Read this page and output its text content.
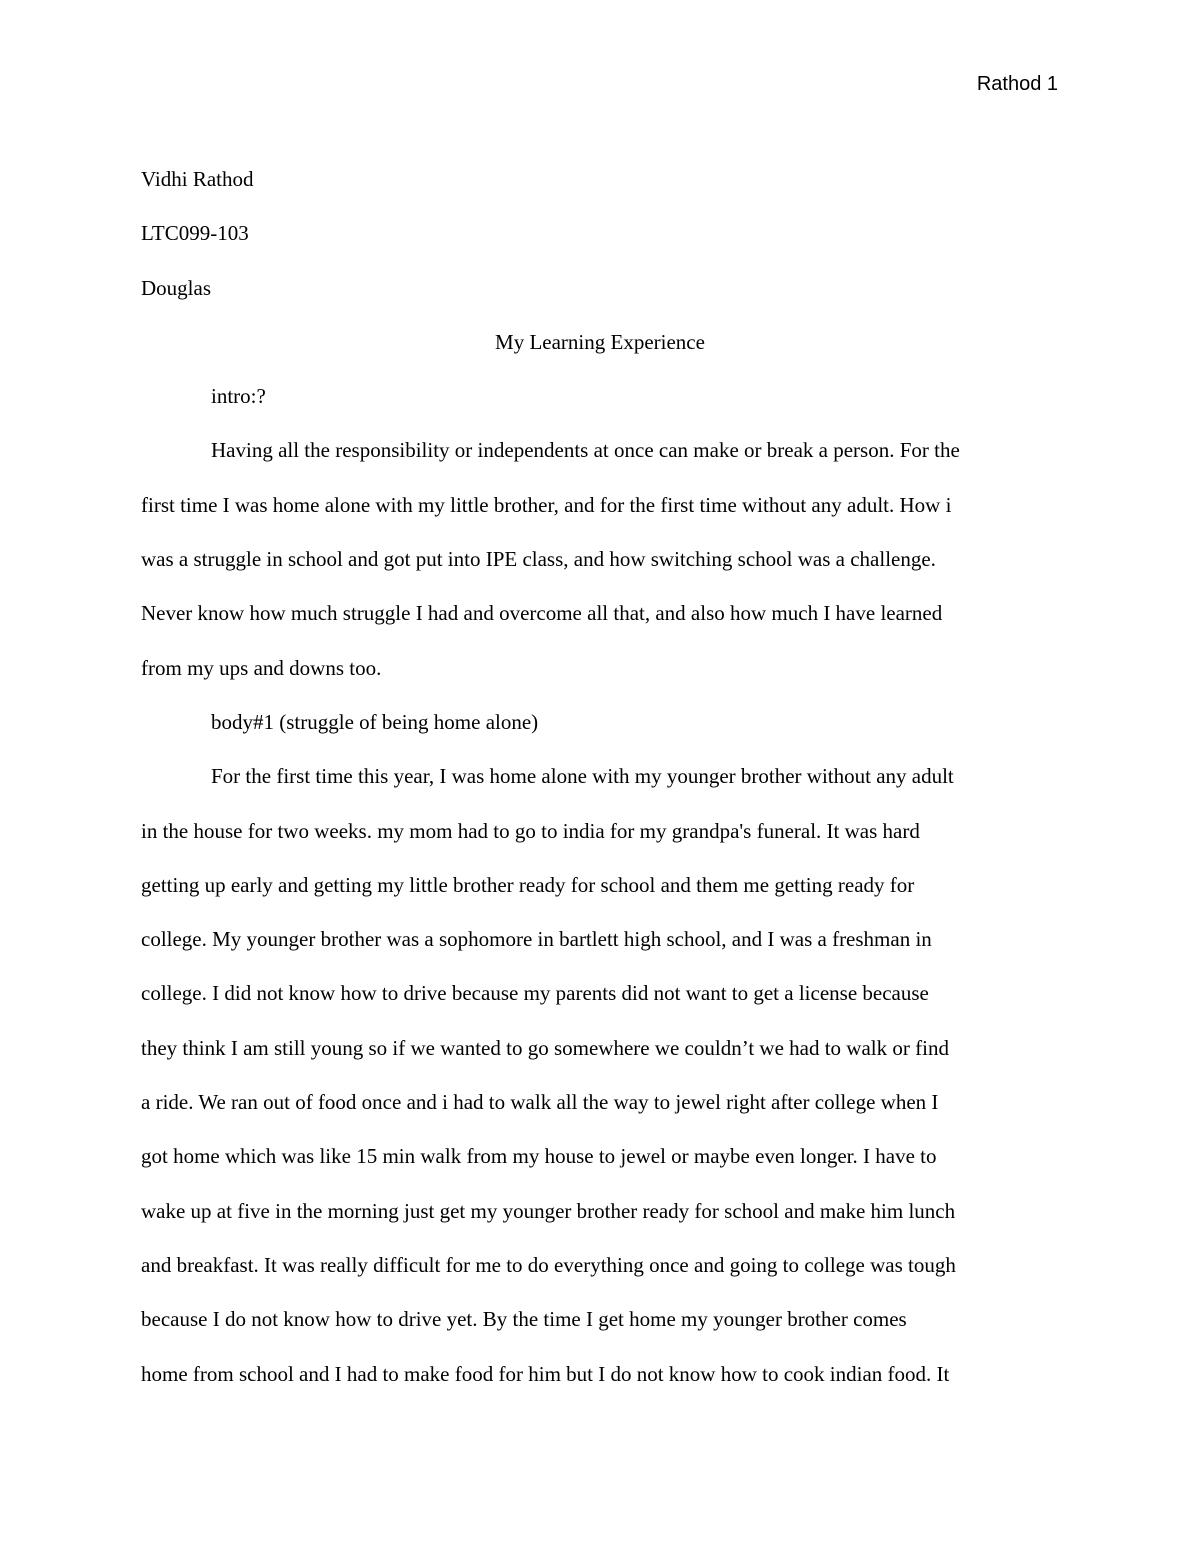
Rathod 1

Vidhi Rathod

LTC099-103

Douglas

My Learning Experience

intro:?

Having all the responsibility or independents at once can make or break a person. For the
first time I was home alone with my little brother, and for the first time without any adult. How i
was a struggle in school and got put into IPE class, and how switching school was a challenge.
Never know how much struggle I had and overcome all that, and also how much I have learned
from my ups and downs too.

body#1 (struggle of being home alone)

For the first time this year, I was home alone with my younger brother without any adult
in the house for two weeks. my mom had to go to india for my grandpa's funeral. It was hard
getting up early and getting my little brother ready for school and them me getting ready for
college. My younger brother was a sophomore in bartlett high school, and I was a freshman in
college. I did not know how to drive because my parents did not want to get a license because
they think I am still young so if we wanted to go somewhere we couldn’t we had to walk or find
a ride. We ran out of food once and i had to walk all the way to jewel right after college when I
got home which was like 15 min walk from my house to jewel or maybe even longer. I have to
wake up at five in the morning just get my younger brother ready for school and make him lunch
and breakfast. It was really difficult for me to do everything once and going to college was tough
because I do not know how to drive yet. By the time I get home my younger brother comes
home from school and I had to make food for him but I do not know how to cook indian food. It
